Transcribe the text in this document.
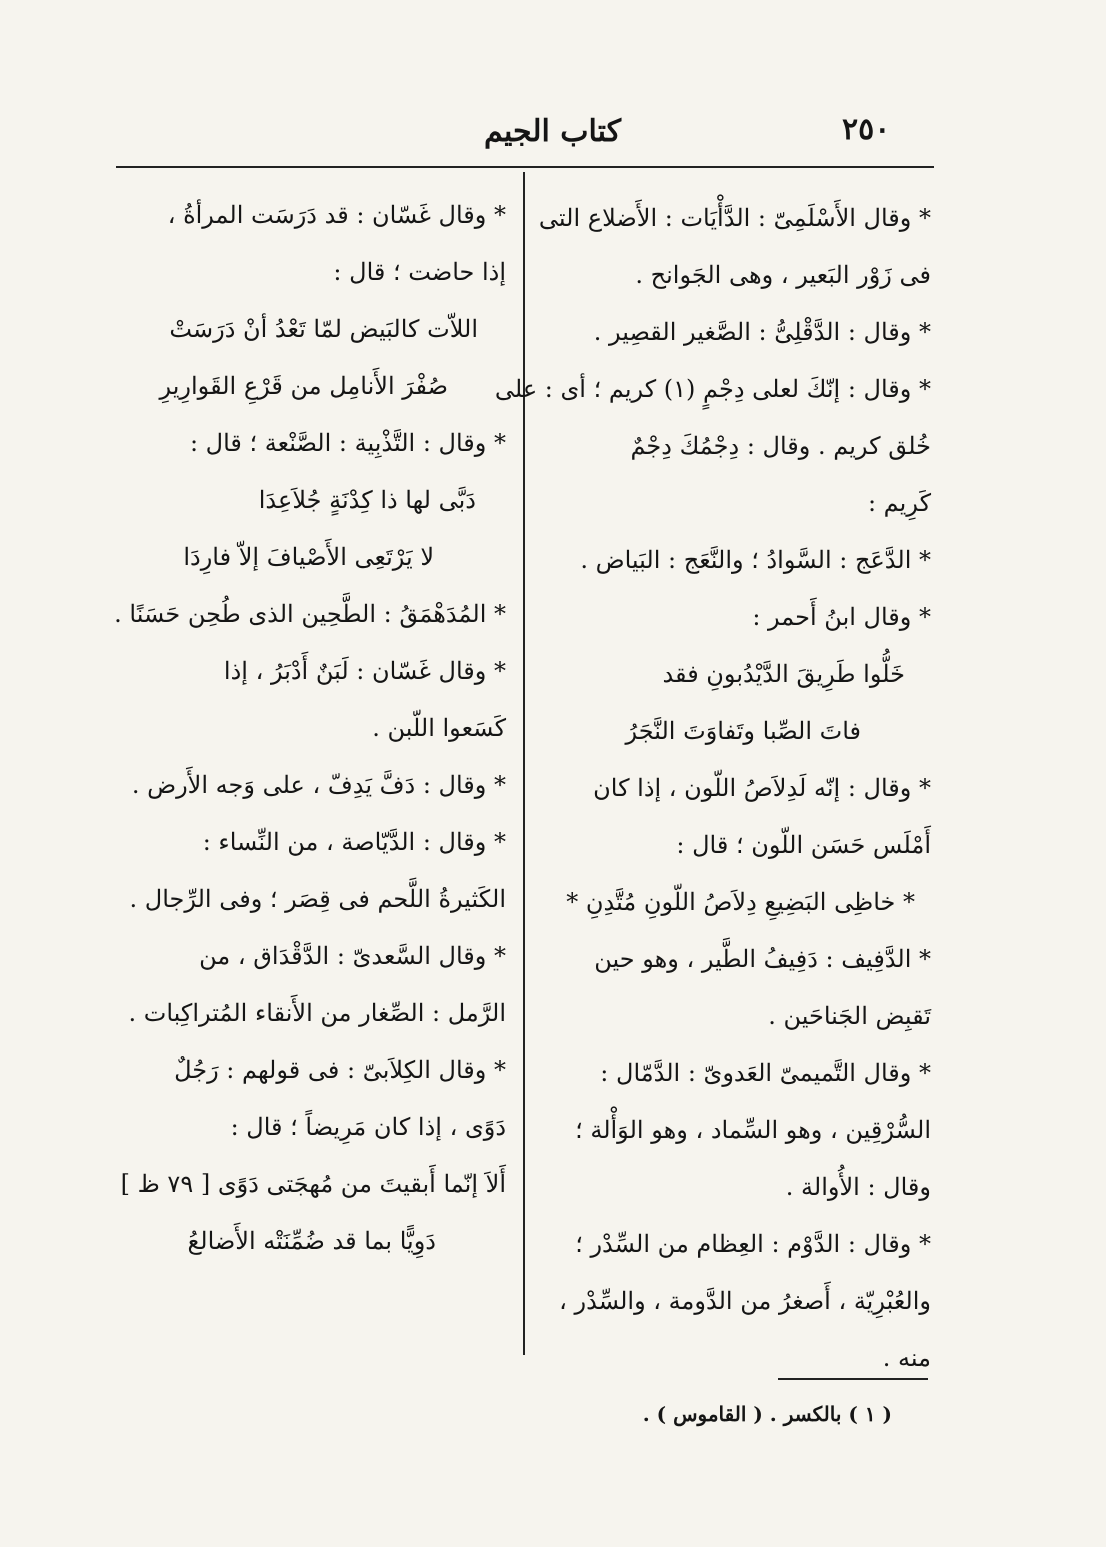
٢٥٠
كتاب الجيم

* وقال الأَسْلَمِىّ : الدَّأْيَات : الأَضلاع التى

فى زَوْر البَعير ، وهى الجَوانح .

* وقال : الدَّقْلِىُّ : الصَّغير القصِير .

* وقال : إنّكَ لعلى دِجْمٍ (١) كريم ؛ أى : على

خُلق كريم . وقال : دِجْمُكَ دِجْمٌ

كَرِيم :

* الدَّعَج : السَّوادُ ؛ والنَّعَج : البَياض .

* وقال ابنُ أَحمر :

خَلُّوا طَرِيقَ الدَّيْدُبونِ فقد

فاتَ الصِّبا وتَفاوَتَ النَّجَرُ

* وقال : إنّه لَدِلاَصُ اللّون ، إذا كان

أَمْلَس حَسَن اللّون ؛ قال :

* خاظِى البَضِيعِ دِلاَصُ اللّونِ مُتَّدِنِ *

* الدَّفِيف : دَفِيفُ الطَّير ، وهو حين

تَقبِض الجَناحَين .

* وقال التَّميمىّ العَدوىّ : الدَّمّال :

السُّرْقِين ، وهو السِّماد ، وهو الوَأْلة ؛

وقال : الأُوالة .

* وقال : الدَّوْم : العِظام من السِّدْر ؛

والعُبْرِيّة ، أَصغرُ من الدَّومة ، والسِّدْر ،

منه .

* وقال غَسّان : قد دَرَسَت المرأةُ ،

إذا حاضت ؛ قال :

اللاّت كالبَيض لمّا تَعْدُ أنْ دَرَسَتْ

صُفْرَ الأَنامِل من قَرْعِ القَوارِيرِ

* وقال : التَّذْبِية : الصَّنْعة ؛ قال :

دَبَّى لها ذا كِدْنَةٍ جُلاَعِدَا

لا يَرْتَعِى الأَصْيافَ إلاّ فارِدَا

* المُدَهْمَقُ : الطَّحِين الذى طُحِن حَسَنًا .

* وقال غَسّان : لَبَنٌ أَدْبَرُ ، إذا

كَسَعوا اللّبن .

* وقال : دَفَّ يَدِفّ ، على وَجه الأَرض .

* وقال : الدَّيّاصة ، من النِّساء :

الكَثيرةُ اللَّحم فى قِصَر ؛ وفى الرِّجال .

* وقال السَّعدىّ : الدَّقْدَاق ، من

الرَّمل : الصِّغار من الأَنقاء المُتراكِبات .

* وقال الكِلاَبىّ : فى قولهم : رَجُلٌ

دَوًى ، إذا كان مَرِيضاً ؛ قال :

أَلاَ إنّما أَبقيتَ من مُهجَتى دَوًى [ ٧٩ ظ ]

دَوِيًّا بما قد ضُمِّنَتْه الأَضالعُ

( ١ ) بالكسر . ( القاموس ) .
